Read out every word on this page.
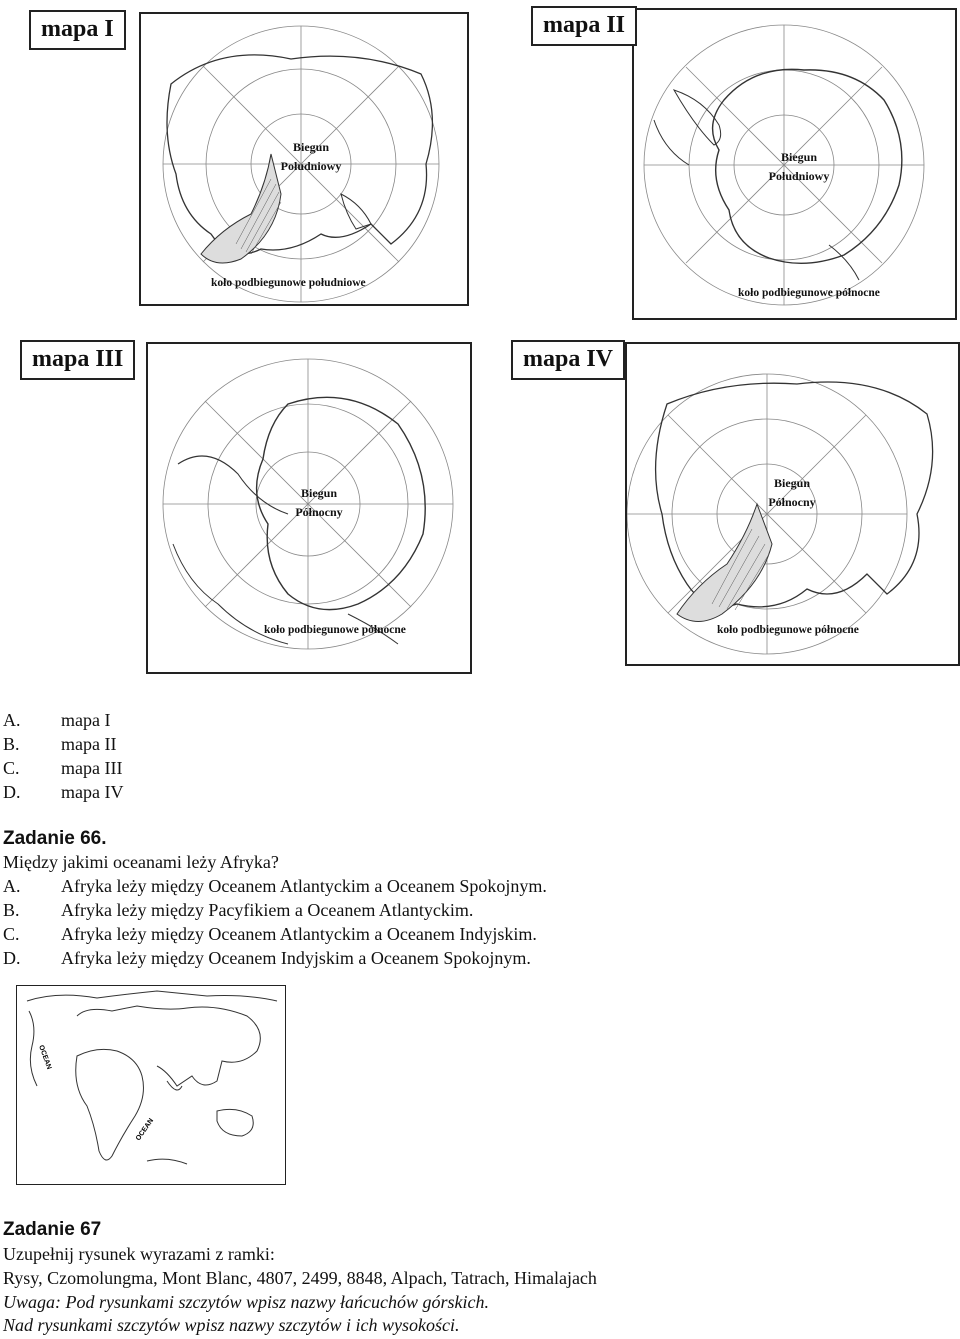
Biegun
Południowy
koło podbiegunowe południowe
mapa I
Biegun
Południowy
koło podbiegunowe północne
mapa II
Biegun
Północny
koło podbiegunowe północne
mapa III
Biegun
Północny
koło podbiegunowe północne
mapa IV
A. mapa I
B. mapa II
C. mapa III
D. mapa IV
Zadanie 66.
Między jakimi oceanami leży Afryka?
A. Afryka leży między Oceanem Atlantyckim a Oceanem Spokojnym.
B. Afryka leży między Pacyfikiem a Oceanem Atlantyckim.
C. Afryka leży między Oceanem Atlantyckim a Oceanem Indyjskim.
D. Afryka leży między Oceanem Indyjskim a Oceanem Spokojnym.
OCEAN
OCEAN
Zadanie 67
Uzupełnij rysunek wyrazami z ramki:
Rysy, Czomolungma, Mont Blanc, 4807, 2499, 8848, Alpach, Tatrach, Himalajach
Uwaga: Pod rysunkami szczytów wpisz nazwy łańcuchów górskich.
Nad rysunkami szczytów wpisz nazwy szczytów i ich wysokości.
